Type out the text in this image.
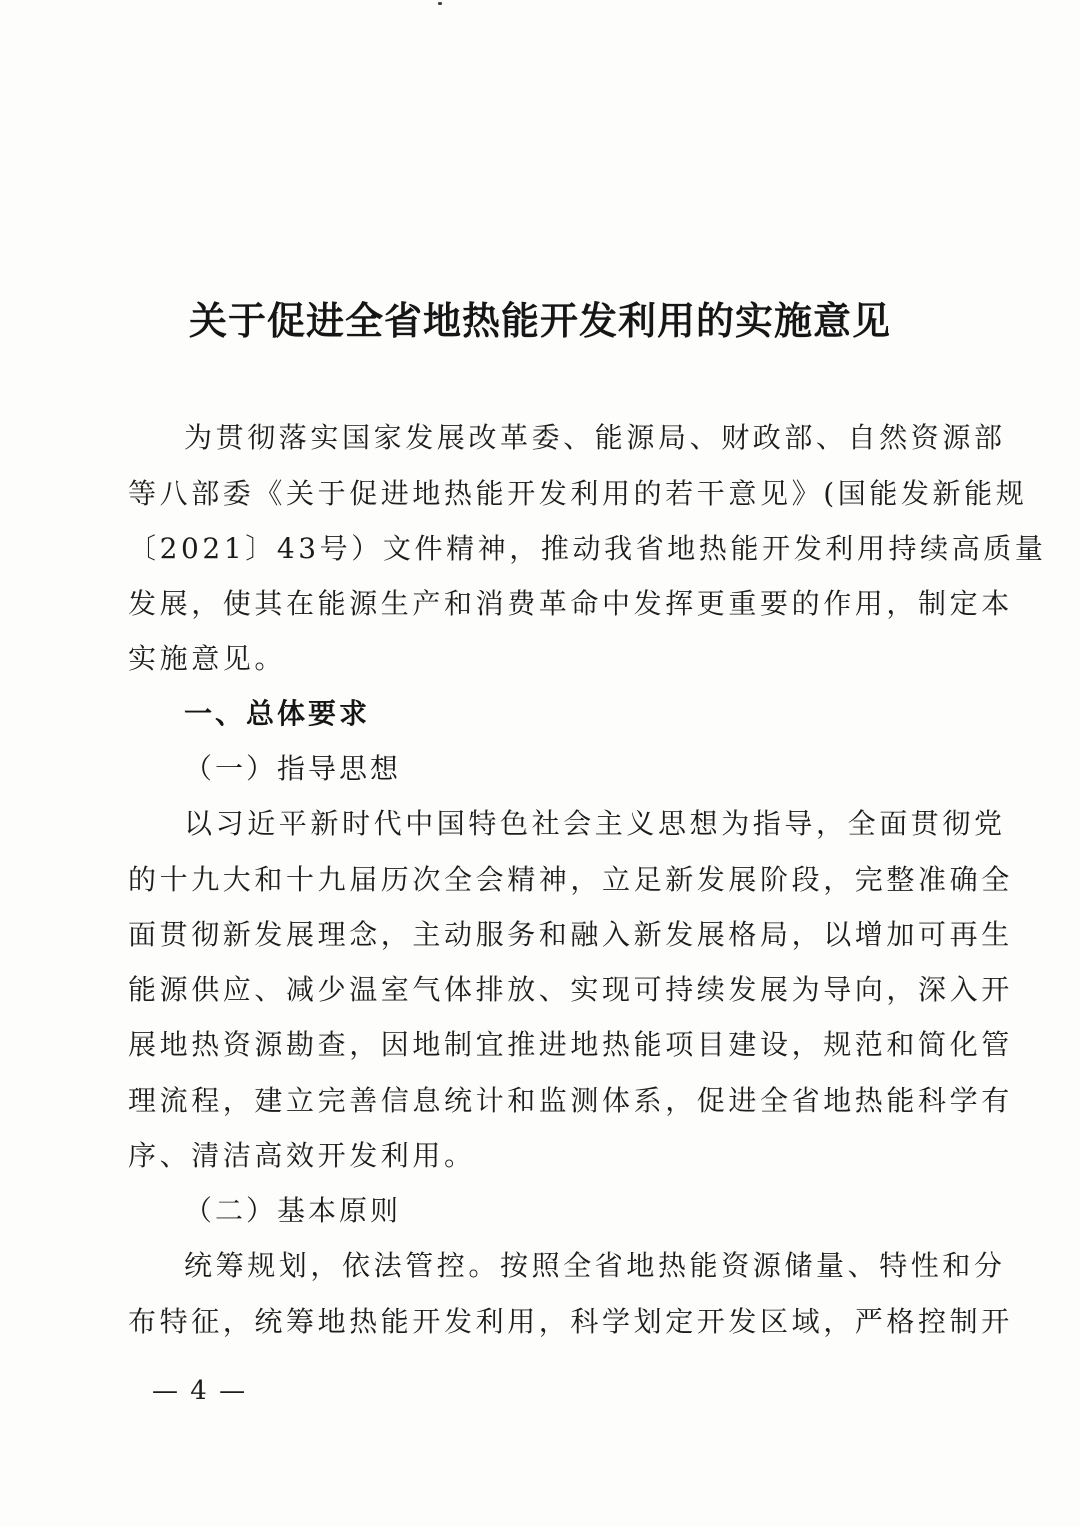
关于促进全省地热能开发利用的实施意见
为贯彻落实国家发展改革委、能源局、财政部、自然资源部
等八部委《关于促进地热能开发利用的若干意见》(国能发新能规
〔2021〕43号）文件精神，推动我省地热能开发利用持续高质量
发展，使其在能源生产和消费革命中发挥更重要的作用，制定本
实施意见。
一、总体要求
（一）指导思想
以习近平新时代中国特色社会主义思想为指导，全面贯彻党
的十九大和十九届历次全会精神，立足新发展阶段，完整准确全
面贯彻新发展理念，主动服务和融入新发展格局，以增加可再生
能源供应、减少温室气体排放、实现可持续发展为导向，深入开
展地热资源勘查，因地制宜推进地热能项目建设，规范和简化管
理流程，建立完善信息统计和监测体系，促进全省地热能科学有
序、清洁高效开发利用。
（二）基本原则
统筹规划，依法管控。按照全省地热能资源储量、特性和分
布特征，统筹地热能开发利用，科学划定开发区域，严格控制开
— 4 —
